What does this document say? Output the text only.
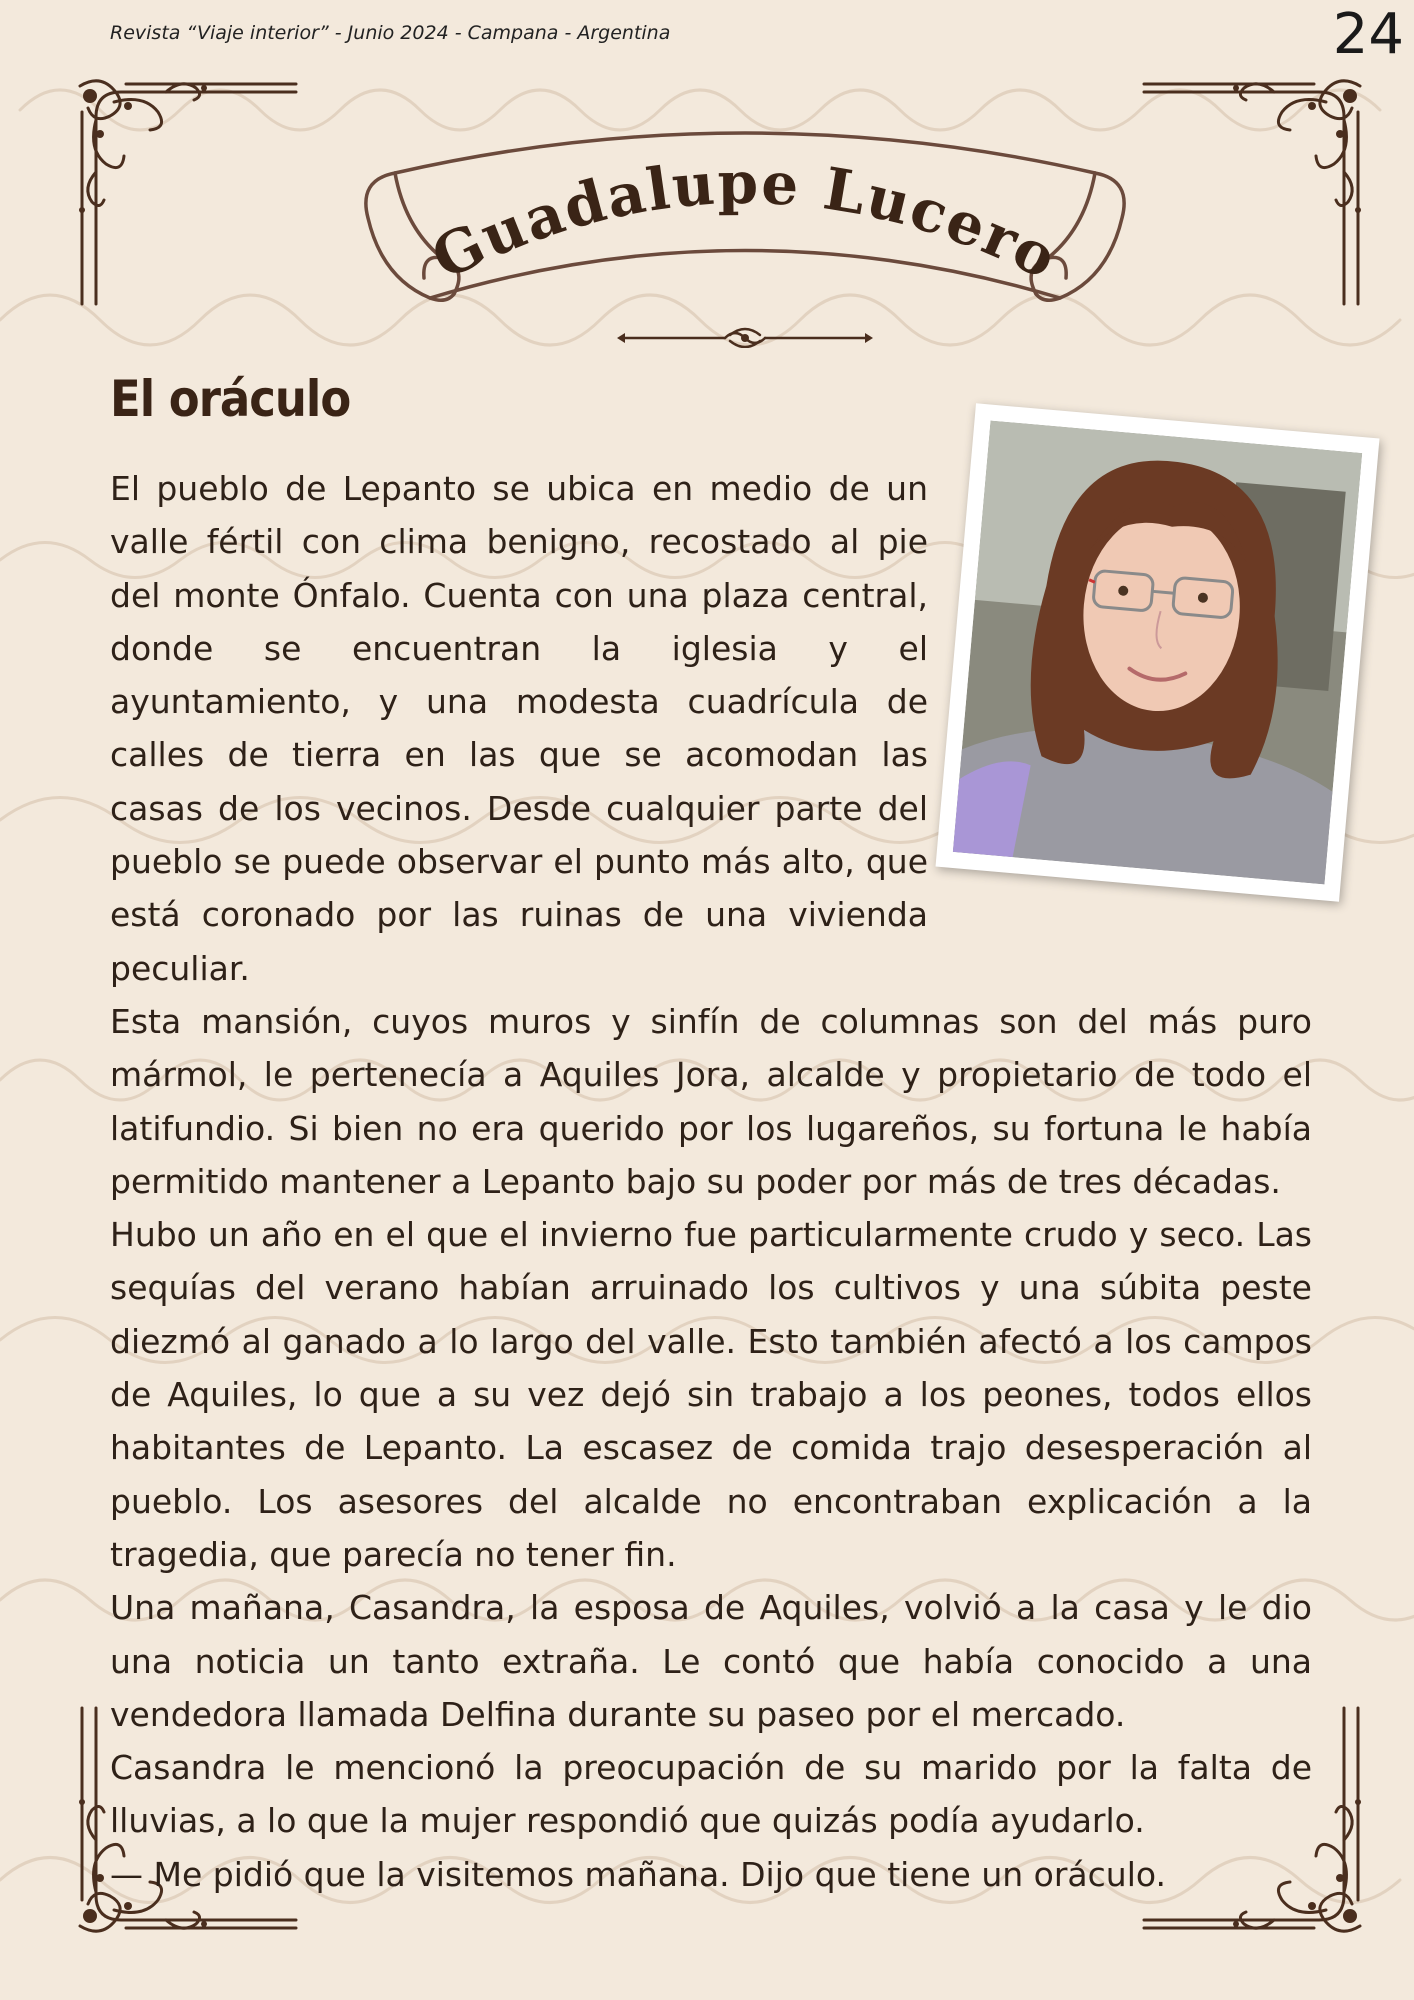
Revista “Viaje interior” - Junio 2024 - Campana - Argentina	24
Guadalupe Lucero
El oráculo

El pueblo de Lepanto se ubica en medio de un valle fértil con clima benigno, recostado al pie del monte Ónfalo. Cuenta con una plaza central, donde se encuentran la iglesia y el ayuntamiento, y una modesta cuadrícula de calles de tierra en las que se acomodan las casas de los vecinos. Desde cualquier parte del pueblo se puede observar el punto más alto, que está coronado por las ruinas de una vivienda peculiar.

Esta mansión, cuyos muros y sinfín de columnas son del más puro mármol, le pertenecía a Aquiles Jora, alcalde y propietario de todo el latifundio. Si bien no era querido por los lugareños, su fortuna le había permitido mantener a Lepanto bajo su poder por más de tres décadas.

Hubo un año en el que el invierno fue particularmente crudo y seco. Las sequías del verano habían arruinado los cultivos y una súbita peste diezmó al ganado a lo largo del valle. Esto también afectó a los campos de Aquiles, lo que a su vez dejó sin trabajo a los peones, todos ellos habitantes de Lepanto. La escasez de comida trajo desesperación al pueblo. Los asesores del alcalde no encontraban explicación a la tragedia, que parecía no tener fin.

Una mañana, Casandra, la esposa de Aquiles, volvió a la casa y le dio una noticia un tanto extraña. Le contó que había conocido a una vendedora llamada Delfina durante su paseo por el mercado.

Casandra le mencionó la preocupación de su marido por la falta de lluvias, a lo que la mujer respondió que quizás podía ayudarlo.

— Me pidió que la visitemos mañana. Dijo que tiene un oráculo.
